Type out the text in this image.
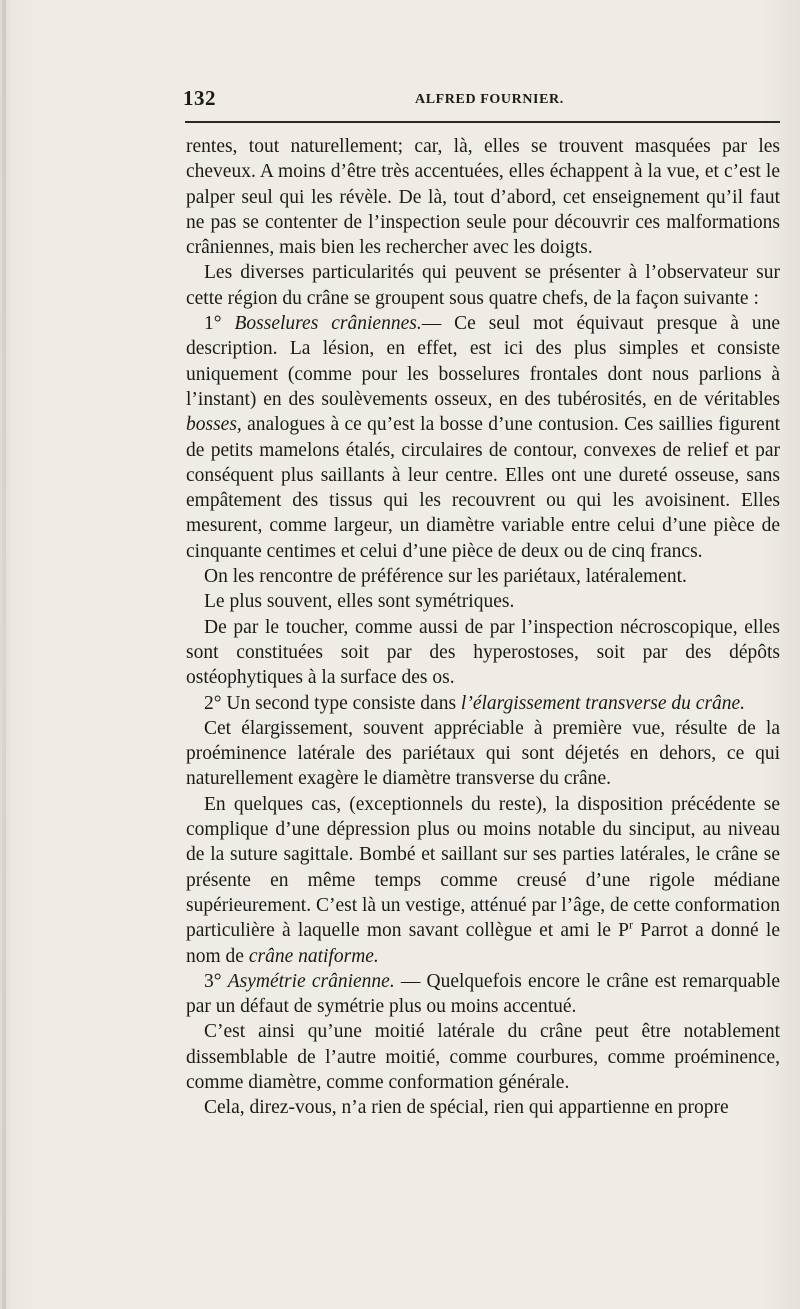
132	ALFRED FOURNIER.

rentes, tout naturellement; car, là, elles se trouvent masquées par les cheveux. A moins d’être très accentuées, elles échappent à la vue, et c’est le palper seul qui les révèle. De là, tout d’abord, cet enseignement qu’il faut ne pas se contenter de l’inspection seule pour découvrir ces malformations crâniennes, mais bien les rechercher avec les doigts.

Les diverses particularités qui peuvent se présenter à l’observateur sur cette région du crâne se groupent sous quatre chefs, de la façon suivante :

1° Bosselures crâniennes.— Ce seul mot équivaut presque à une description. La lésion, en effet, est ici des plus simples et consiste uniquement (comme pour les bosselures frontales dont nous parlions à l’instant) en des soulèvements osseux, en des tubérosités, en de véritables bosses, analogues à ce qu’est la bosse d’une contusion. Ces saillies figurent de petits mamelons étalés, circulaires de contour, convexes de relief et par conséquent plus saillants à leur centre. Elles ont une dureté osseuse, sans empâtement des tissus qui les recouvrent ou qui les avoisinent. Elles mesurent, comme largeur, un diamètre variable entre celui d’une pièce de cinquante centimes et celui d’une pièce de deux ou de cinq francs.

On les rencontre de préférence sur les pariétaux, latéralement.

Le plus souvent, elles sont symétriques.

De par le toucher, comme aussi de par l’inspection nécroscopique, elles sont constituées soit par des hyperostoses, soit par des dépôts ostéophytiques à la surface des os.

2° Un second type consiste dans l’élargissement transverse du crâne.

Cet élargissement, souvent appréciable à première vue, résulte de la proéminence latérale des pariétaux qui sont déjetés en dehors, ce qui naturellement exagère le diamètre transverse du crâne.

En quelques cas, (exceptionnels du reste), la disposition précédente se complique d’une dépression plus ou moins notable du sinciput, au niveau de la suture sagittale. Bombé et saillant sur ses parties latérales, le crâne se présente en même temps comme creusé d’une rigole médiane supérieurement. C’est là un vestige, atténué par l’âge, de cette conformation particulière à laquelle mon savant collègue et ami le $P^r$ Parrot a donné le nom de crâne natiforme.

3° Asymétrie crânienne. — Quelquefois encore le crâne est remarquable par un défaut de symétrie plus ou moins accentué.

C’est ainsi qu’une moitié latérale du crâne peut être notablement dissemblable de l’autre moitié, comme courbures, comme proéminence, comme diamètre, comme conformation générale.

Cela, direz-vous, n’a rien de spécial, rien qui appartienne en propre
